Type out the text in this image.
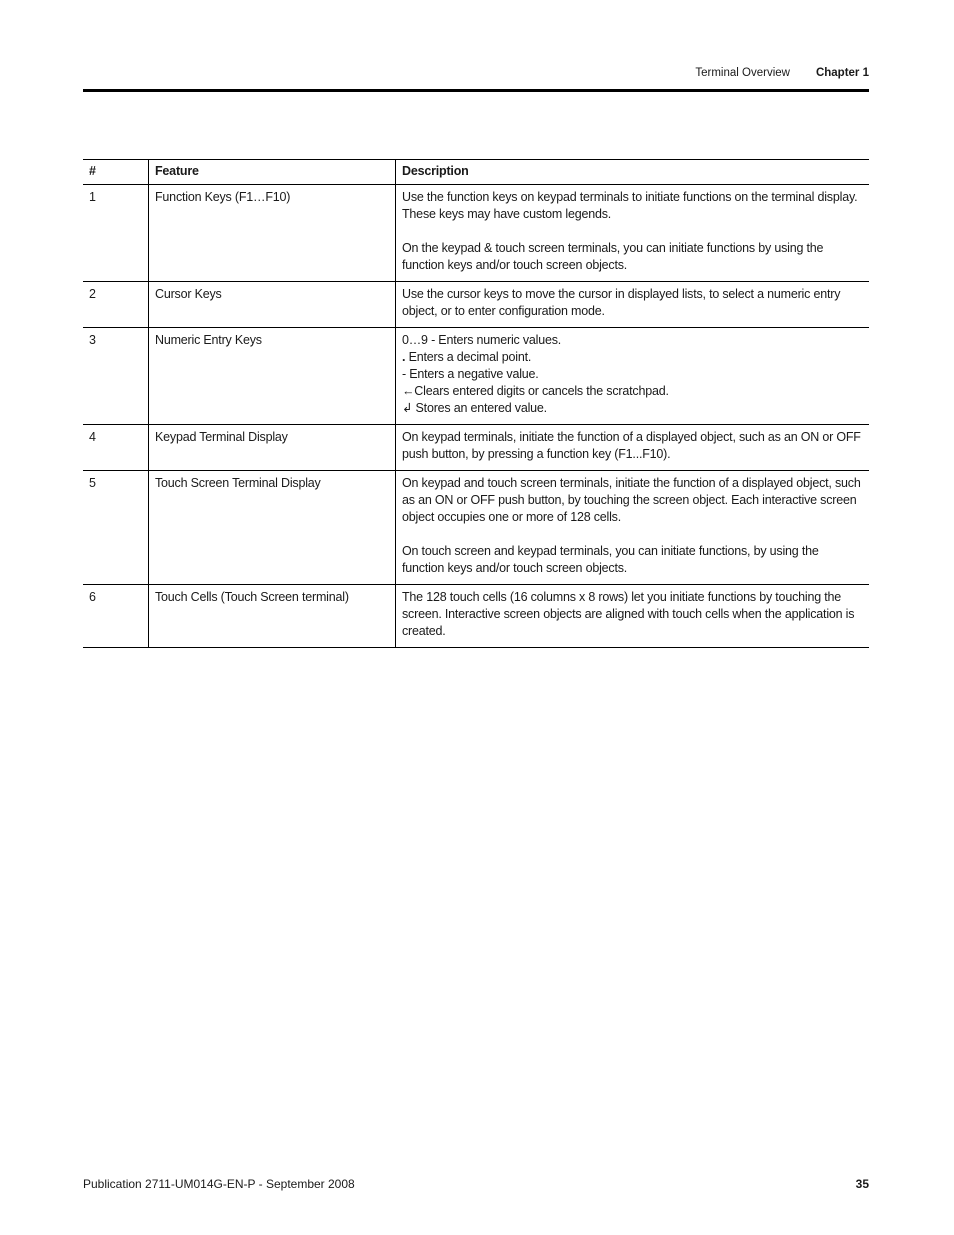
Terminal Overview Chapter 1
#	Feature	Description
1	Function Keys (F1…F10)	Use the function keys on keypad terminals to initiate functions on the terminal display. These keys may have custom legends.
On the keypad & touch screen terminals, you can initiate functions by using the function keys and/or touch screen objects.

2	Cursor Keys	Use the cursor keys to move the cursor in displayed lists, to select a numeric entry object, or to enter configuration mode.

3	Numeric Entry Keys	0…9 - Enters numeric values.
. Enters a decimal point.
- Enters a negative value.
←Clears entered digits or cancels the scratchpad.
↲ Stores an entered value.

4	Keypad Terminal Display	On keypad terminals, initiate the function of a displayed object, such as an ON or OFF push button, by pressing a function key (F1...F10).

5	Touch Screen Terminal Display	On keypad and touch screen terminals, initiate the function of a displayed object, such as an ON or OFF push button, by touching the screen object. Each interactive screen object occupies one or more of 128 cells.
On touch screen and keypad terminals, you can initiate functions, by using the function keys and/or touch screen objects.

6	Touch Cells (Touch Screen terminal)	The 128 touch cells (16 columns x 8 rows) let you initiate functions by touching the screen. Interactive screen objects are aligned with touch cells when the application is created.
Publication 2711-UM014G-EN-P - September 2008	35
